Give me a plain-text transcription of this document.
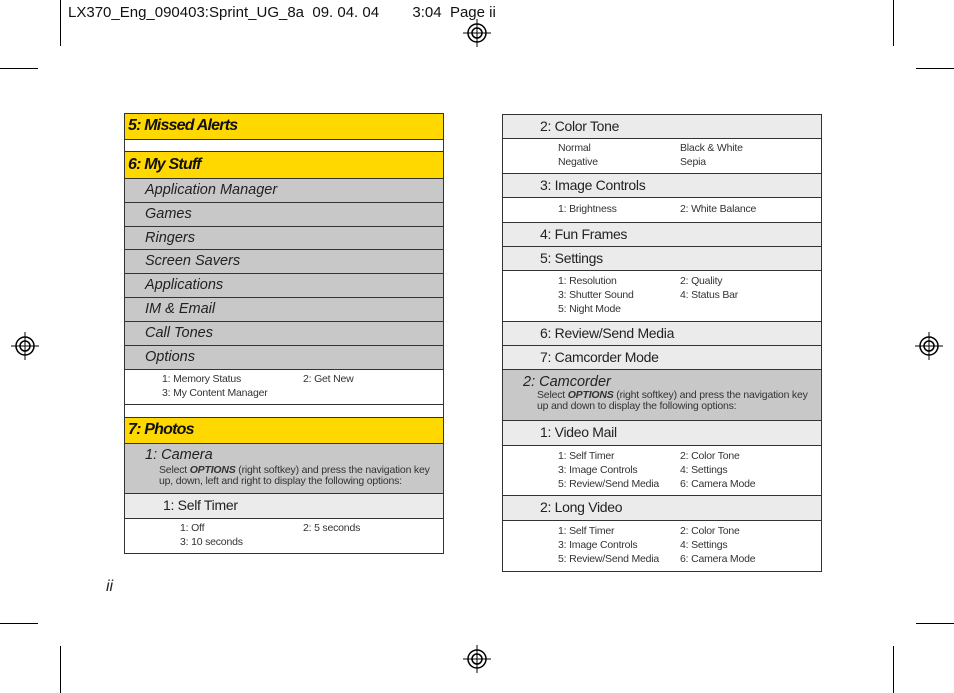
LX370_Eng_090403:Sprint_UG_8a  09. 04. 04        3:04  Page ii
5: Missed Alerts
6: My Stuff
Application Manager
Games
Ringers
Screen Savers
Applications
IM & Email
Call Tones
Options
1: Memory Status	2: Get New
3: My Content Manager
7: Photos
1: Camera
Select OPTIONS (right softkey) and press the navigation key up, down, left and right to display the following options:
1: Self Timer
1: Off	2: 5 seconds
3: 10 seconds
2: Color Tone
Normal	Black & White
Negative	Sepia
3: Image Controls
1: Brightness	2: White Balance
4: Fun Frames
5: Settings
1: Resolution	2: Quality
3: Shutter Sound	4: Status Bar
5: Night Mode
6: Review/Send Media
7: Camcorder Mode
2: Camcorder
Select OPTIONS (right softkey) and press the navigation key up and down to display the following options:
1: Video Mail
1: Self Timer	2: Color Tone
3: Image Controls	4: Settings
5: Review/Send Media 6: Camera Mode
2: Long Video
1: Self Timer	2: Color Tone
3: Image Controls	4: Settings
5: Review/Send Media 6: Camera Mode
ii
